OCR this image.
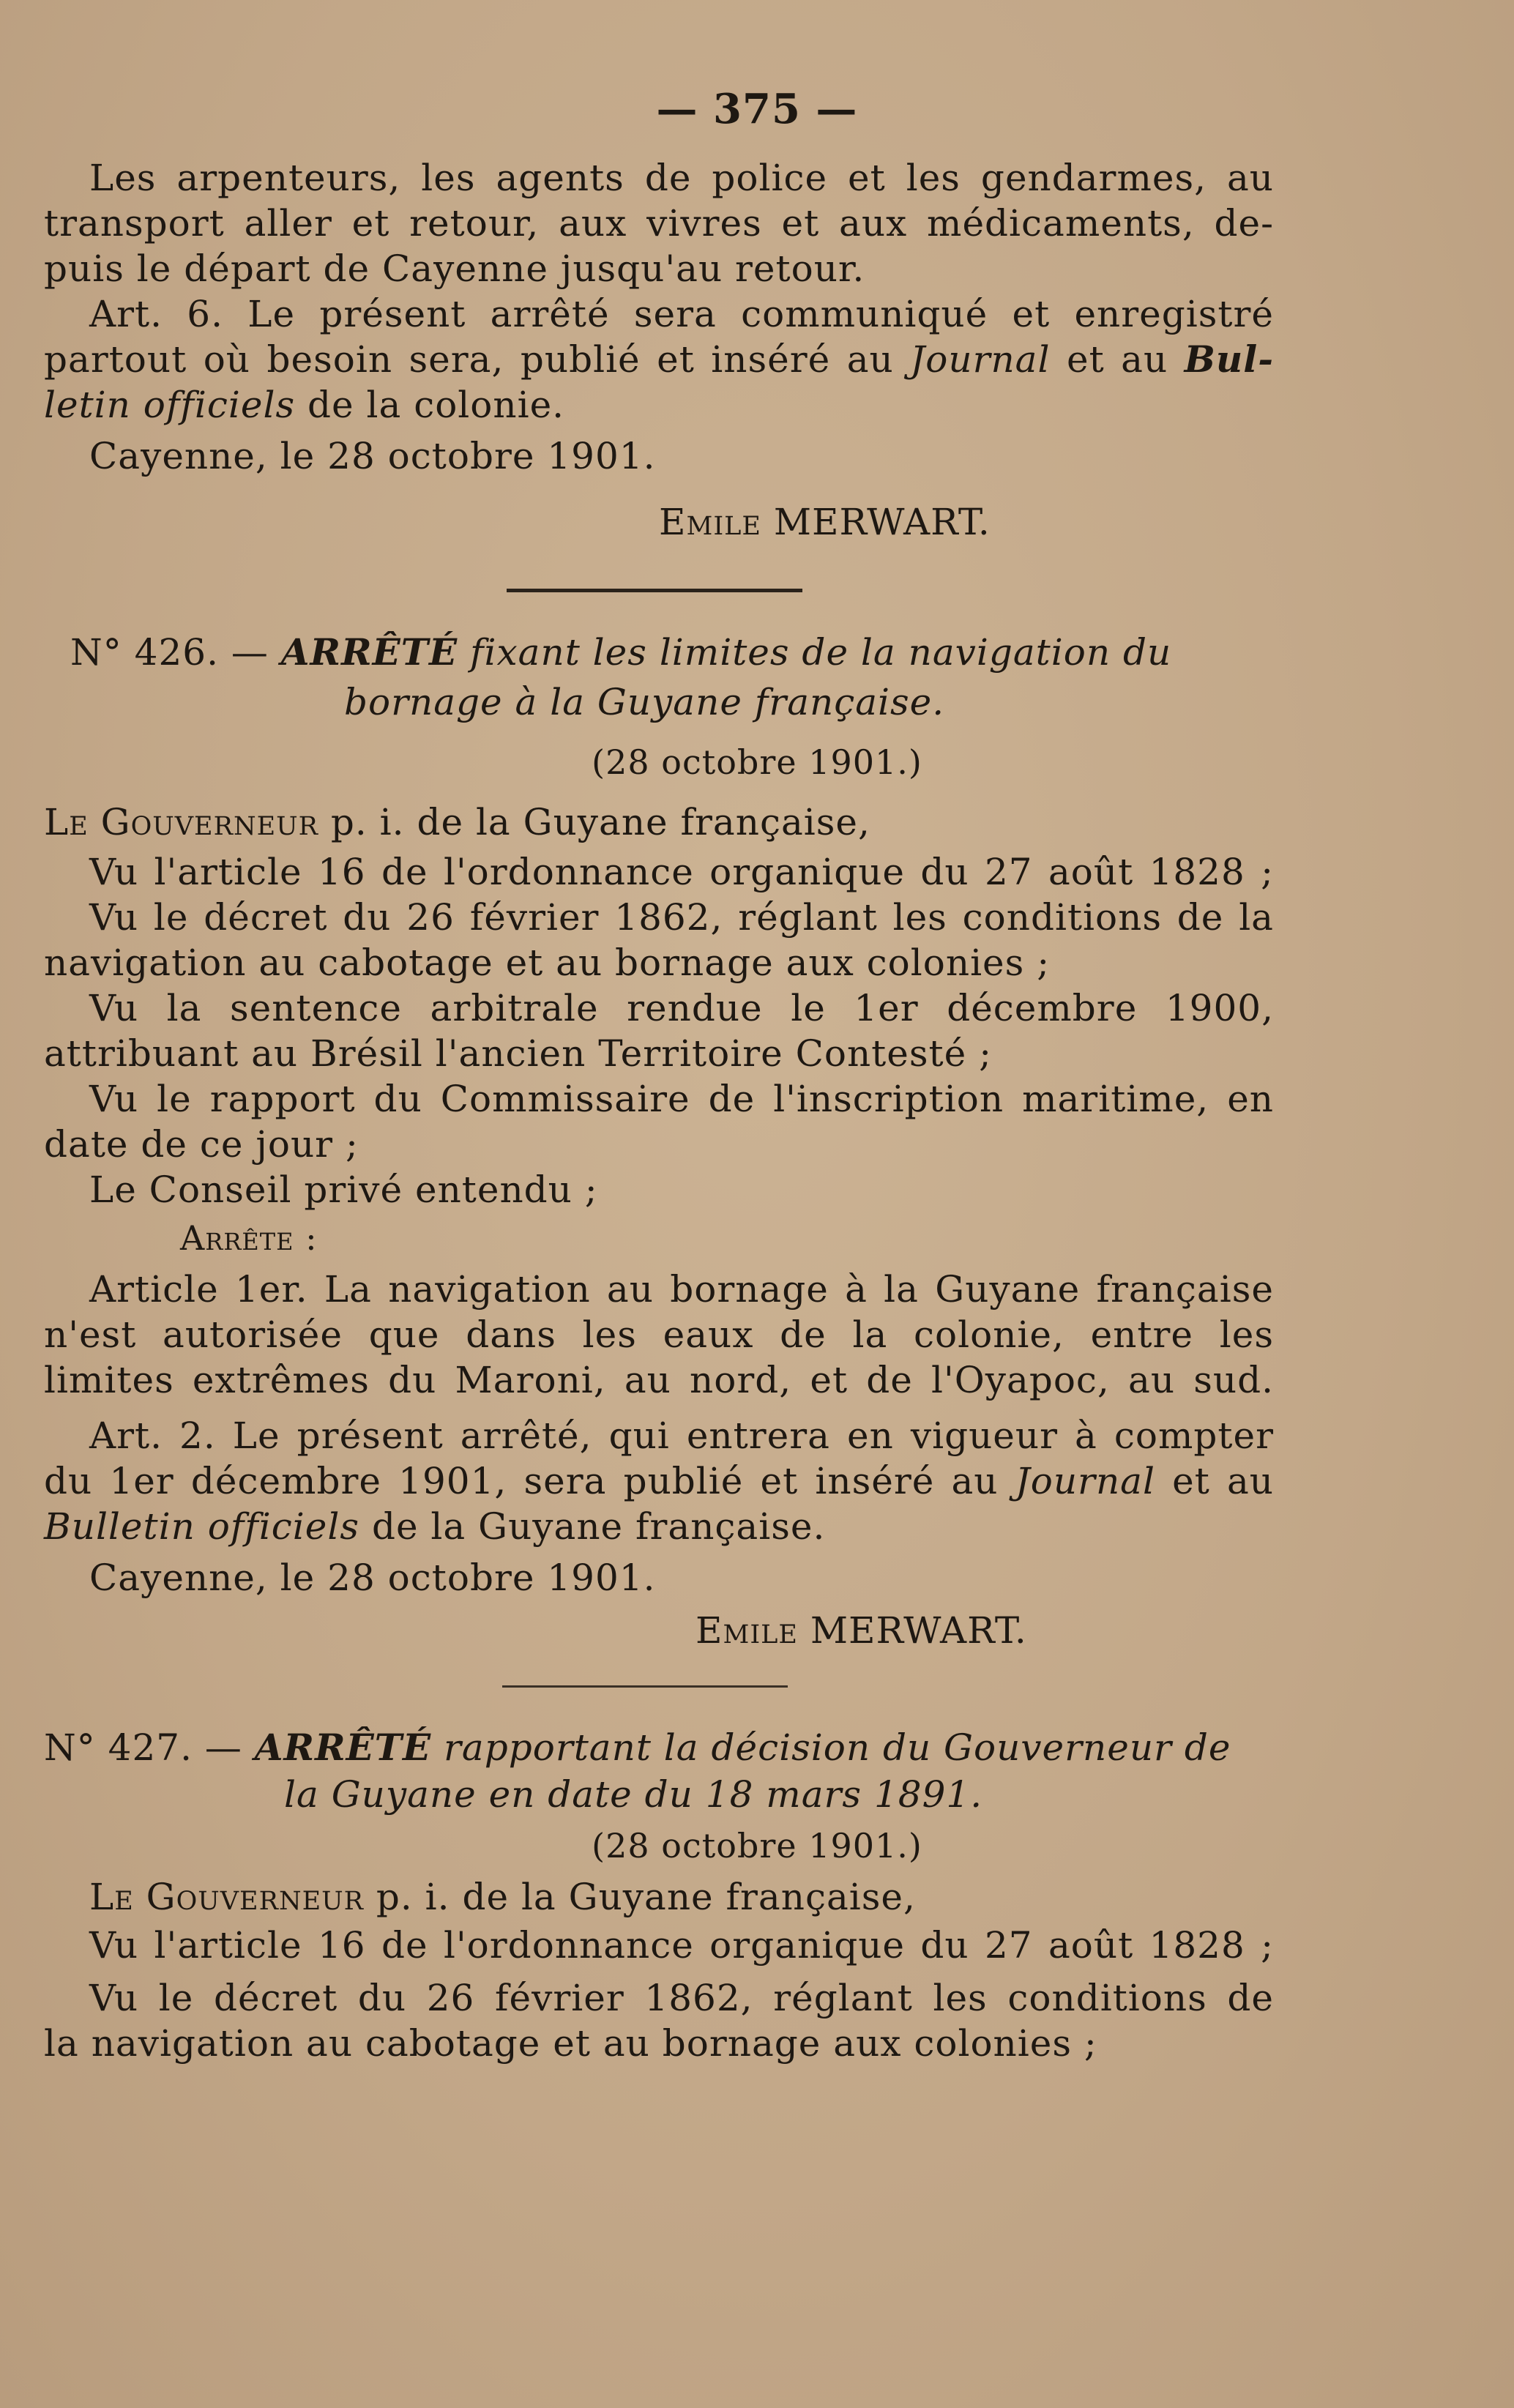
— 375 —
Les arpenteurs, les agents de police et les gendarmes, au
transport aller et retour, aux vivres et aux médicaments, de-
puis le départ de Cayenne jusqu'au retour.
Art. 6. Le présent arrêté sera communiqué et enregistré
partout où besoin sera, publié et inséré au Journal et au Bul-
letin officiels de la colonie.
Cayenne, le 28 octobre 1901.
Emile MERWART.
N° 426. — ARRÊTÉ fixant les limites de la navigation du
bornage à la Guyane française.
(28 octobre 1901.)
Le Gouverneur p. i. de la Guyane française,
Vu l'article 16 de l'ordonnance organique du 27 août 1828 ;
Vu le décret du 26 février 1862, réglant les conditions de la
navigation au cabotage et au bornage aux colonies ;
Vu la sentence arbitrale rendue le 1er décembre 1900,
attribuant au Brésil l'ancien Territoire Contesté ;
Vu le rapport du Commissaire de l'inscription maritime, en
date de ce jour ;
Le Conseil privé entendu ;
Arrête :
Article 1er. La navigation au bornage à la Guyane française
n'est autorisée que dans les eaux de la colonie, entre les
limites extrêmes du Maroni, au nord, et de l'Oyapoc, au sud.
Art. 2. Le présent arrêté, qui entrera en vigueur à compter
du 1er décembre 1901, sera publié et inséré au Journal et au
Bulletin officiels de la Guyane française.
Cayenne, le 28 octobre 1901.
Emile MERWART.
N° 427. — ARRÊTÉ rapportant la décision du Gouverneur de
la Guyane en date du 18 mars 1891.
(28 octobre 1901.)
Le Gouverneur p. i. de la Guyane française,
Vu l'article 16 de l'ordonnance organique du 27 août 1828 ;
Vu le décret du 26 février 1862, réglant les conditions de
la navigation au cabotage et au bornage aux colonies ;
